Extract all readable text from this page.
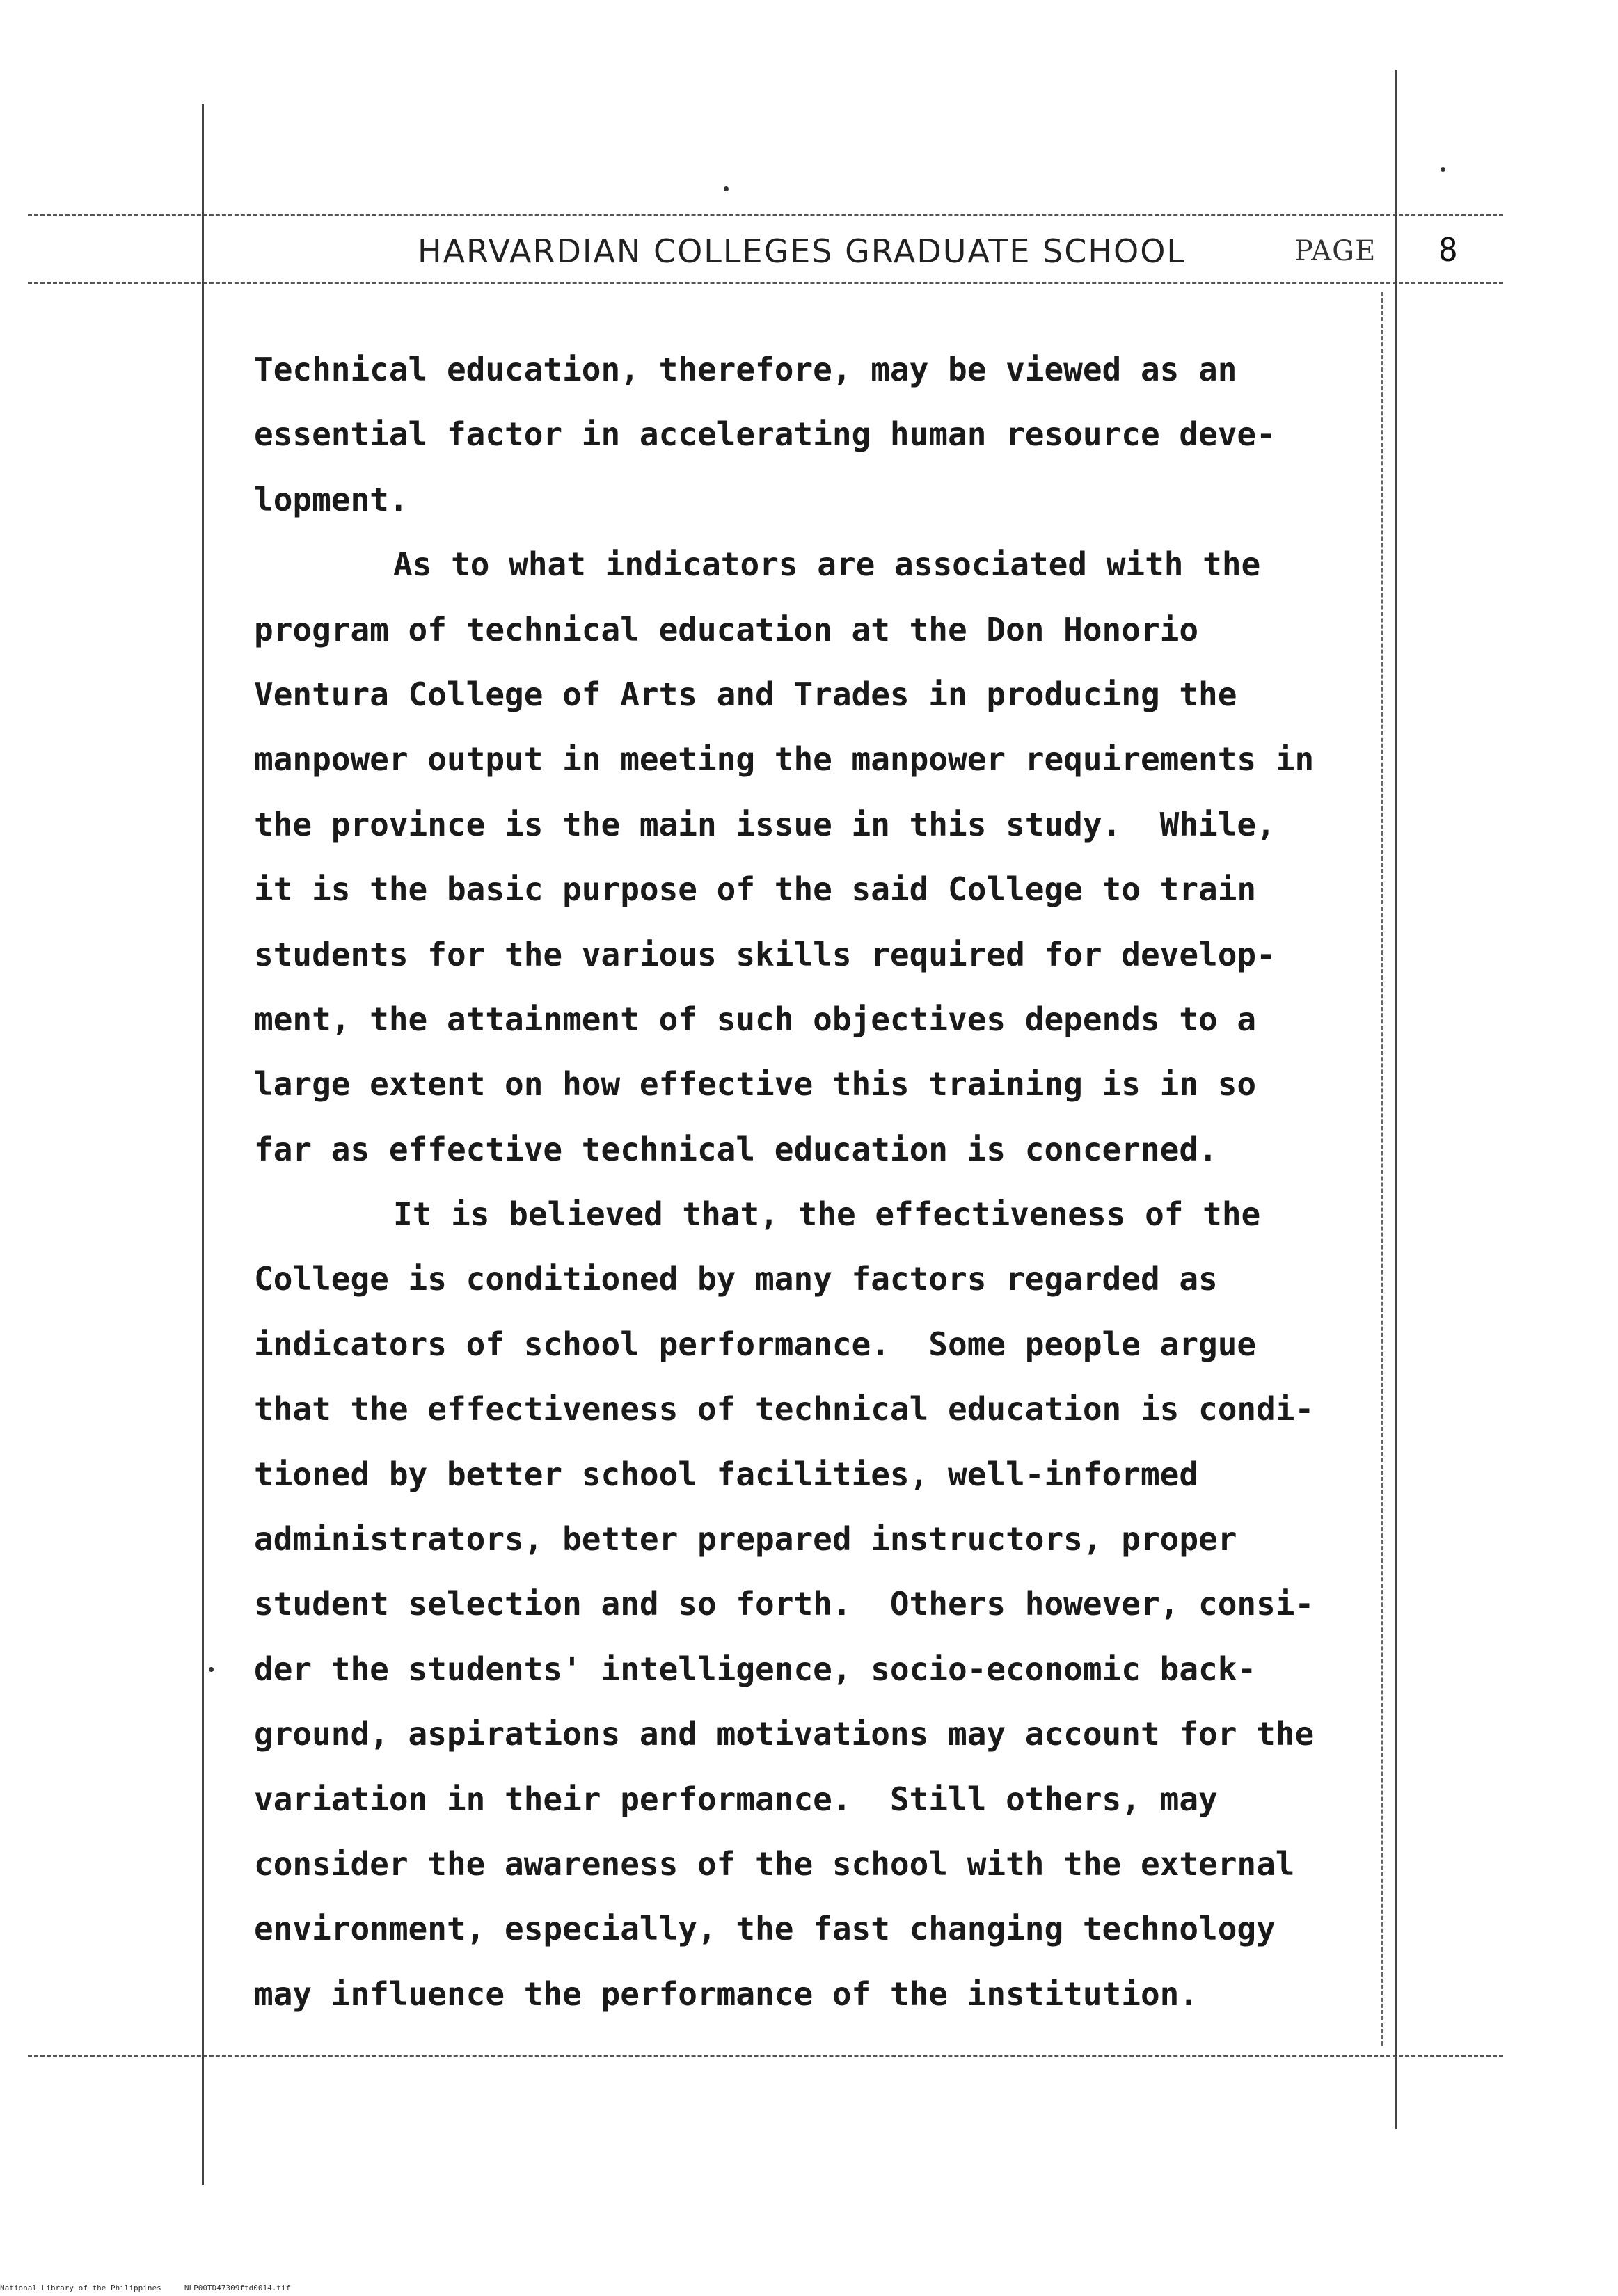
HARVARDIAN COLLEGES GRADUATE SCHOOL	PAGE 8
Technical education, therefore, may be viewed as an
essential factor in accelerating human resource deve-
lopment.
As to what indicators are associated with the
program of technical education at the Don Honorio
Ventura College of Arts and Trades in producing the
manpower output in meeting the manpower requirements in
the province is the main issue in this study.  While,
it is the basic purpose of the said College to train
students for the various skills required for develop-
ment, the attainment of such objectives depends to a
large extent on how effective this training is in so
far as effective technical education is concerned.
It is believed that, the effectiveness of the
College is conditioned by many factors regarded as
indicators of school performance.  Some people argue
that the effectiveness of technical education is condi-
tioned by better school facilities, well-informed
administrators, better prepared instructors, proper
student selection and so forth.  Others however, consi-
der the students' intelligence, socio-economic back-
ground, aspirations and motivations may account for the
variation in their performance.  Still others, may
consider the awareness of the school with the external
environment, especially, the fast changing technology
may influence the performance of the institution.
National Library of the Philippines	NLP00TD47309ftd0014.tif
